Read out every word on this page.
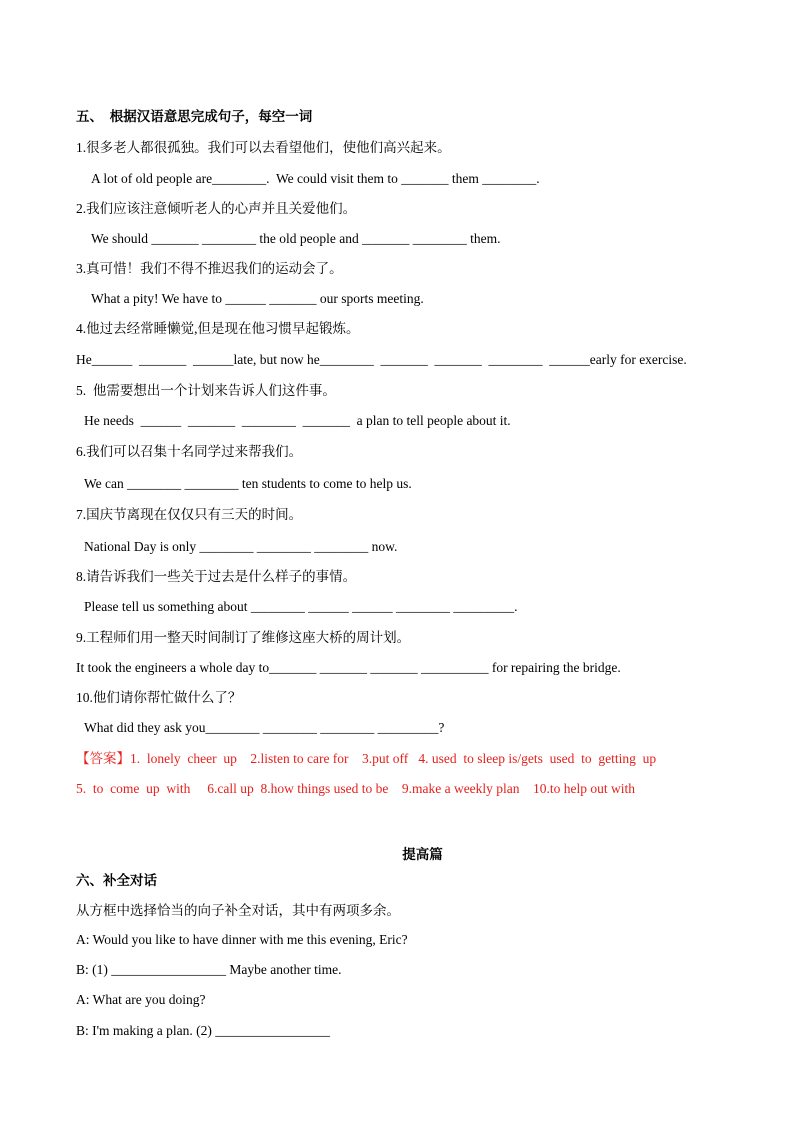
五、  根据汉语意思完成句子，每空一词
1.很多老人都很孤独。我们可以去看望他们，使他们高兴起来。
A lot of old people are________.  We could visit them to _______ them ________.
2.我们应该注意倾听老人的心声并且关爱他们。
We should _______ ________ the old people and _______ ________ them.
3.真可惜！我们不得不推迟我们的运动会了。
What a pity! We have to ______ _______ our sports meeting.
4.他过去经常睡懒觉,但是现在他习惯早起锻炼。
He______  _______  ______late, but now he________  _______  _______  ________  ______early for exercise.
5.  他需要想出一个计划来告诉人们这件事。
He needs  ______  _______  ________  _______  a plan to tell people about it.
6.我们可以召集十名同学过来帮我们。
We can ________ ________ ten students to come to help us.
7.国庆节离现在仅仅只有三天的时间。
National Day is only ________ ________ ________ now.
8.请告诉我们一些关于过去是什么样子的事情。
Please tell us something about ________ ______ ______ ________ _________.
9.工程师们用一整天时间制订了维修这座大桥的周计划。
It took the engineers a whole day to_______ _______ _______ __________ for repairing the bridge.
10.他们请你帮忙做什么了？
What did they ask you________ ________ ________ _________?
【答案】1.  lonely  cheer  up    2.listen to care for    3.put off   4. used  to sleep is/gets  used  to  getting  up
5.  to  come  up  with     6.call up  8.how things used to be    9.make a weekly plan    10.to help out with
提高篇
六、补全对话
从方框中选择恰当的向子补全对话，其中有两项多余。
A: Would you like to have dinner with me this evening, Eric?
B: (1) _________________ Maybe another time.
A: What are you doing?
B: I'm making a plan. (2) _________________
